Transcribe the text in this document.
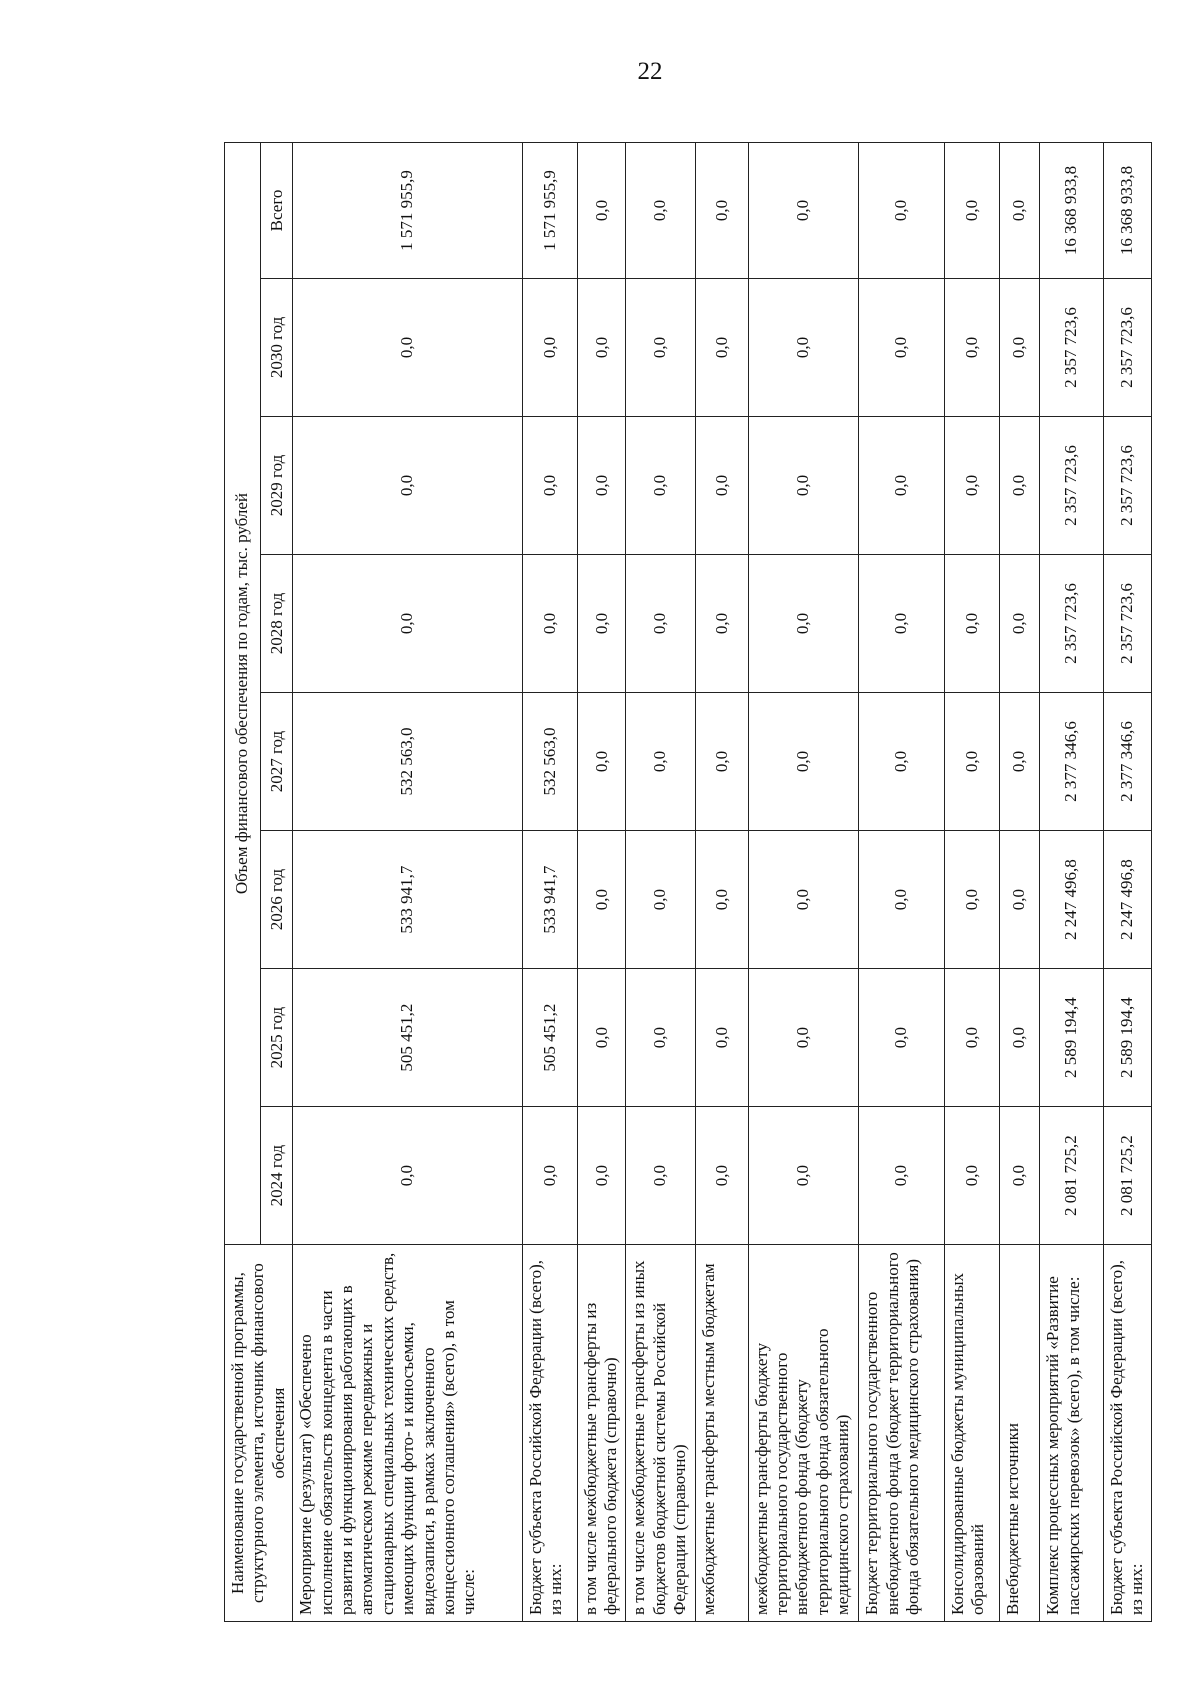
22
Наименование государственной программы, структурного элемента, источник финансового обеспечения	Объем финансового обеспечения по годам, тыс. рублей							
	2024 год	2025 год	2026 год	2027 год	2028 год	2029 год	2030 год	Всего
Мероприятие (результат) «Обеспечено исполнение обязательств концедента в части развития и функционирования работающих в автоматическом режиме передвижных и стационарных специальных технических средств, имеющих функции фото- и киносъемки, видеозаписи, в рамках заключенного концессионного соглашения» (всего), в том числе:	0,0	505 451,2	533 941,7	532 563,0	0,0	0,0	0,0	1 571 955,9
Бюджет субъекта Российской Федерации (всего), из них:	0,0	505 451,2	533 941,7	532 563,0	0,0	0,0	0,0	1 571 955,9
в том числе межбюджетные трансферты из федерального бюджета (справочно)	0,0	0,0	0,0	0,0	0,0	0,0	0,0	0,0
в том числе межбюджетные трансферты из иных бюджетов бюджетной системы Российской Федерации (справочно)	0,0	0,0	0,0	0,0	0,0	0,0	0,0	0,0
межбюджетные трансферты местным бюджетам	0,0	0,0	0,0	0,0	0,0	0,0	0,0	0,0
межбюджетные трансферты бюджету территориального государственного внебюджетного фонда (бюджету территориального фонда обязательного медицинского страхования)	0,0	0,0	0,0	0,0	0,0	0,0	0,0	0,0
Бюджет территориального государственного внебюджетного фонда (бюджет территориального фонда обязательного медицинского страхования)	0,0	0,0	0,0	0,0	0,0	0,0	0,0	0,0
Консолидированные бюджеты муниципальных образований	0,0	0,0	0,0	0,0	0,0	0,0	0,0	0,0
Внебюджетные источники	0,0	0,0	0,0	0,0	0,0	0,0	0,0	0,0
Комплекс процессных мероприятий «Развитие пассажирских перевозок» (всего), в том числе:	2 081 725,2	2 589 194,4	2 247 496,8	2 377 346,6	2 357 723,6	2 357 723,6	2 357 723,6	16 368 933,8
Бюджет субъекта Российской Федерации (всего), из них:	2 081 725,2	2 589 194,4	2 247 496,8	2 377 346,6	2 357 723,6	2 357 723,6	2 357 723,6	16 368 933,8
